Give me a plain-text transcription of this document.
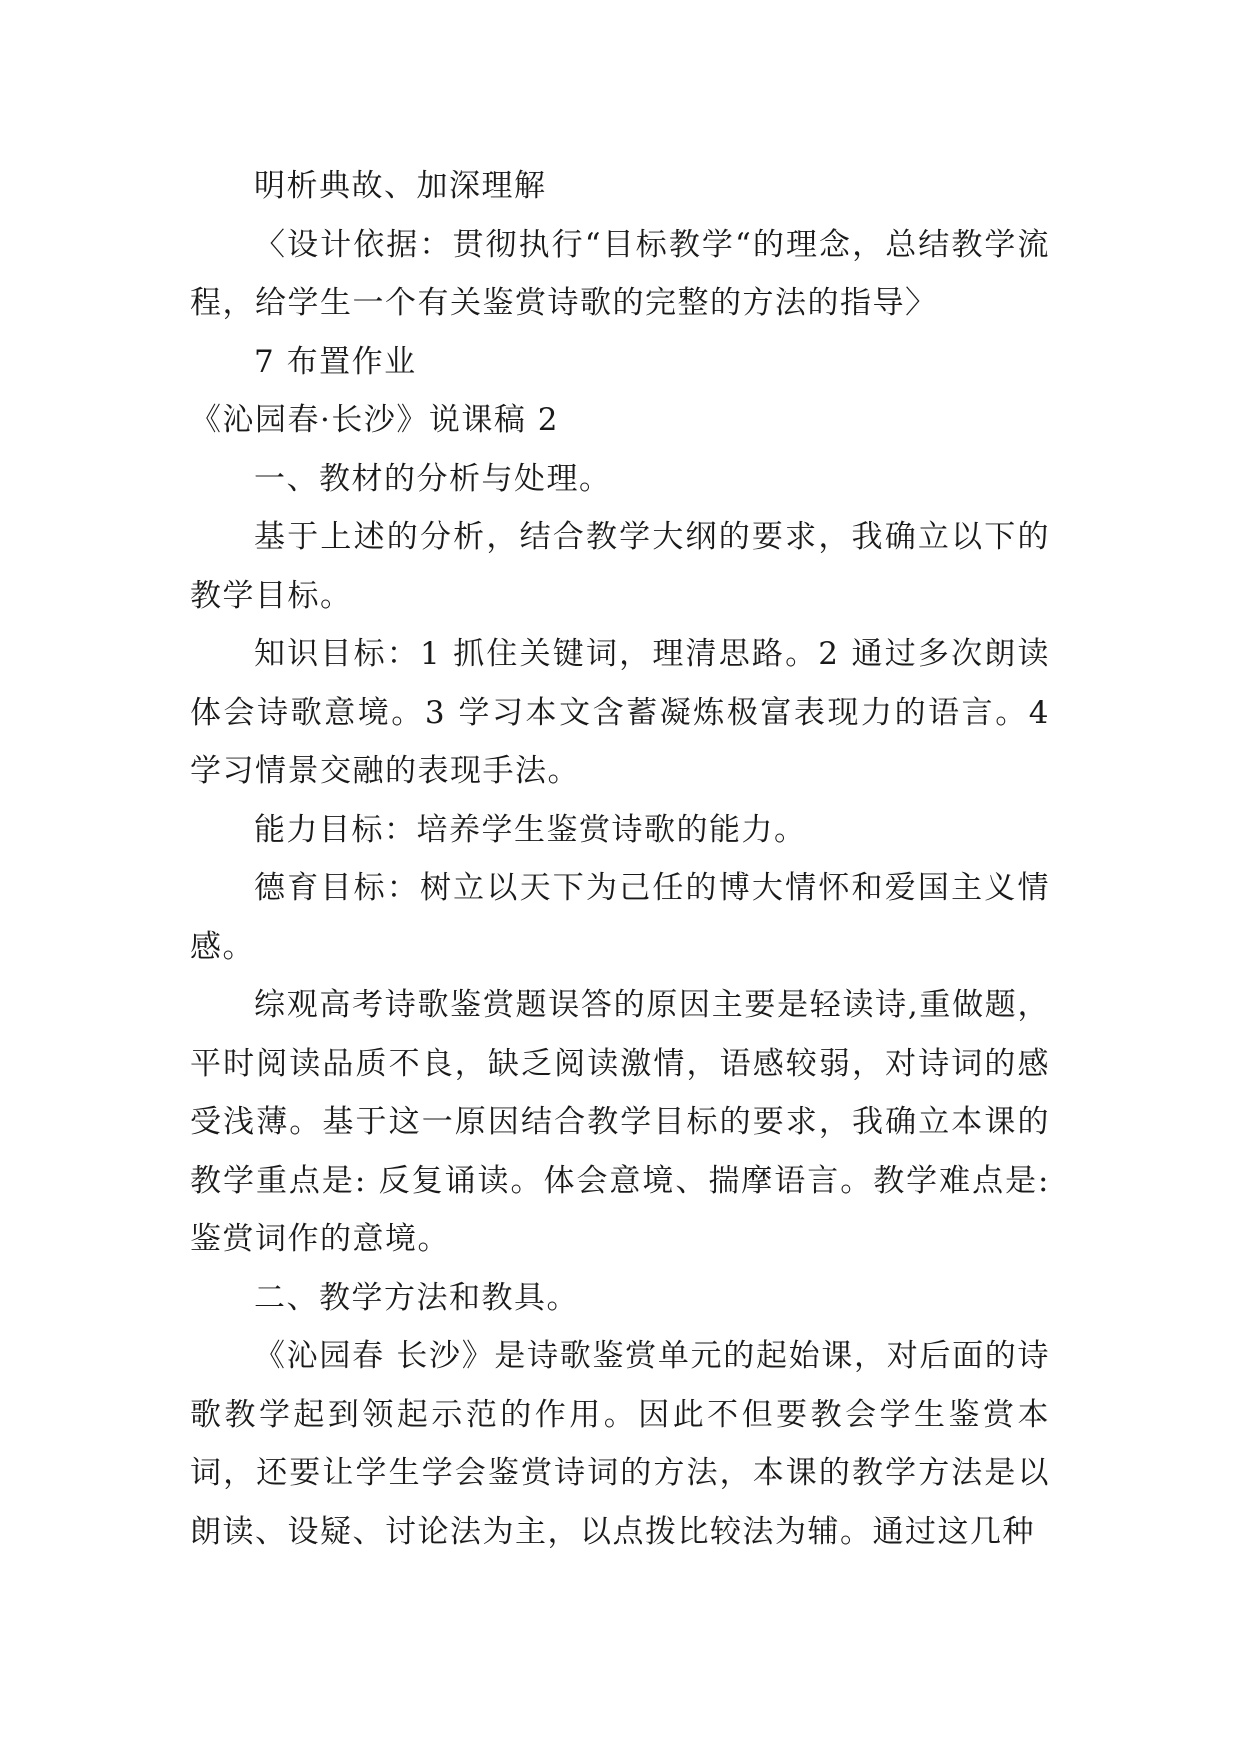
明析典故、加深理解

〈设计依据：贯彻执行“目标教学“的理念，总结教学流程，给学生一个有关鉴赏诗歌的完整的方法的指导〉

7 布置作业

《沁园春·长沙》说课稿 2

一、教材的分析与处理。

基于上述的分析，结合教学大纲的要求，我确立以下的教学目标。

知识目标：1 抓住关键词，理清思路。2 通过多次朗读体会诗歌意境。3 学习本文含蓄凝炼极富表现力的语言。4 学习情景交融的表现手法。

能力目标：培养学生鉴赏诗歌的能力。

德育目标：树立以天下为己任的博大情怀和爱国主义情感。

综观高考诗歌鉴赏题误答的原因主要是轻读诗,重做题，平时阅读品质不良，缺乏阅读激情，语感较弱，对诗词的感受浅薄。基于这一原因结合教学目标的要求，我确立本课的教学重点是: 反复诵读。体会意境、揣摩语言。教学难点是: 鉴赏词作的意境。

二、教学方法和教具。

《沁园春 长沙》是诗歌鉴赏单元的起始课，对后面的诗歌教学起到领起示范的作用。因此不但要教会学生鉴赏本词，还要让学生学会鉴赏诗词的方法，本课的教学方法是以朗读、设疑、讨论法为主，以点拨比较法为辅。通过这几种
